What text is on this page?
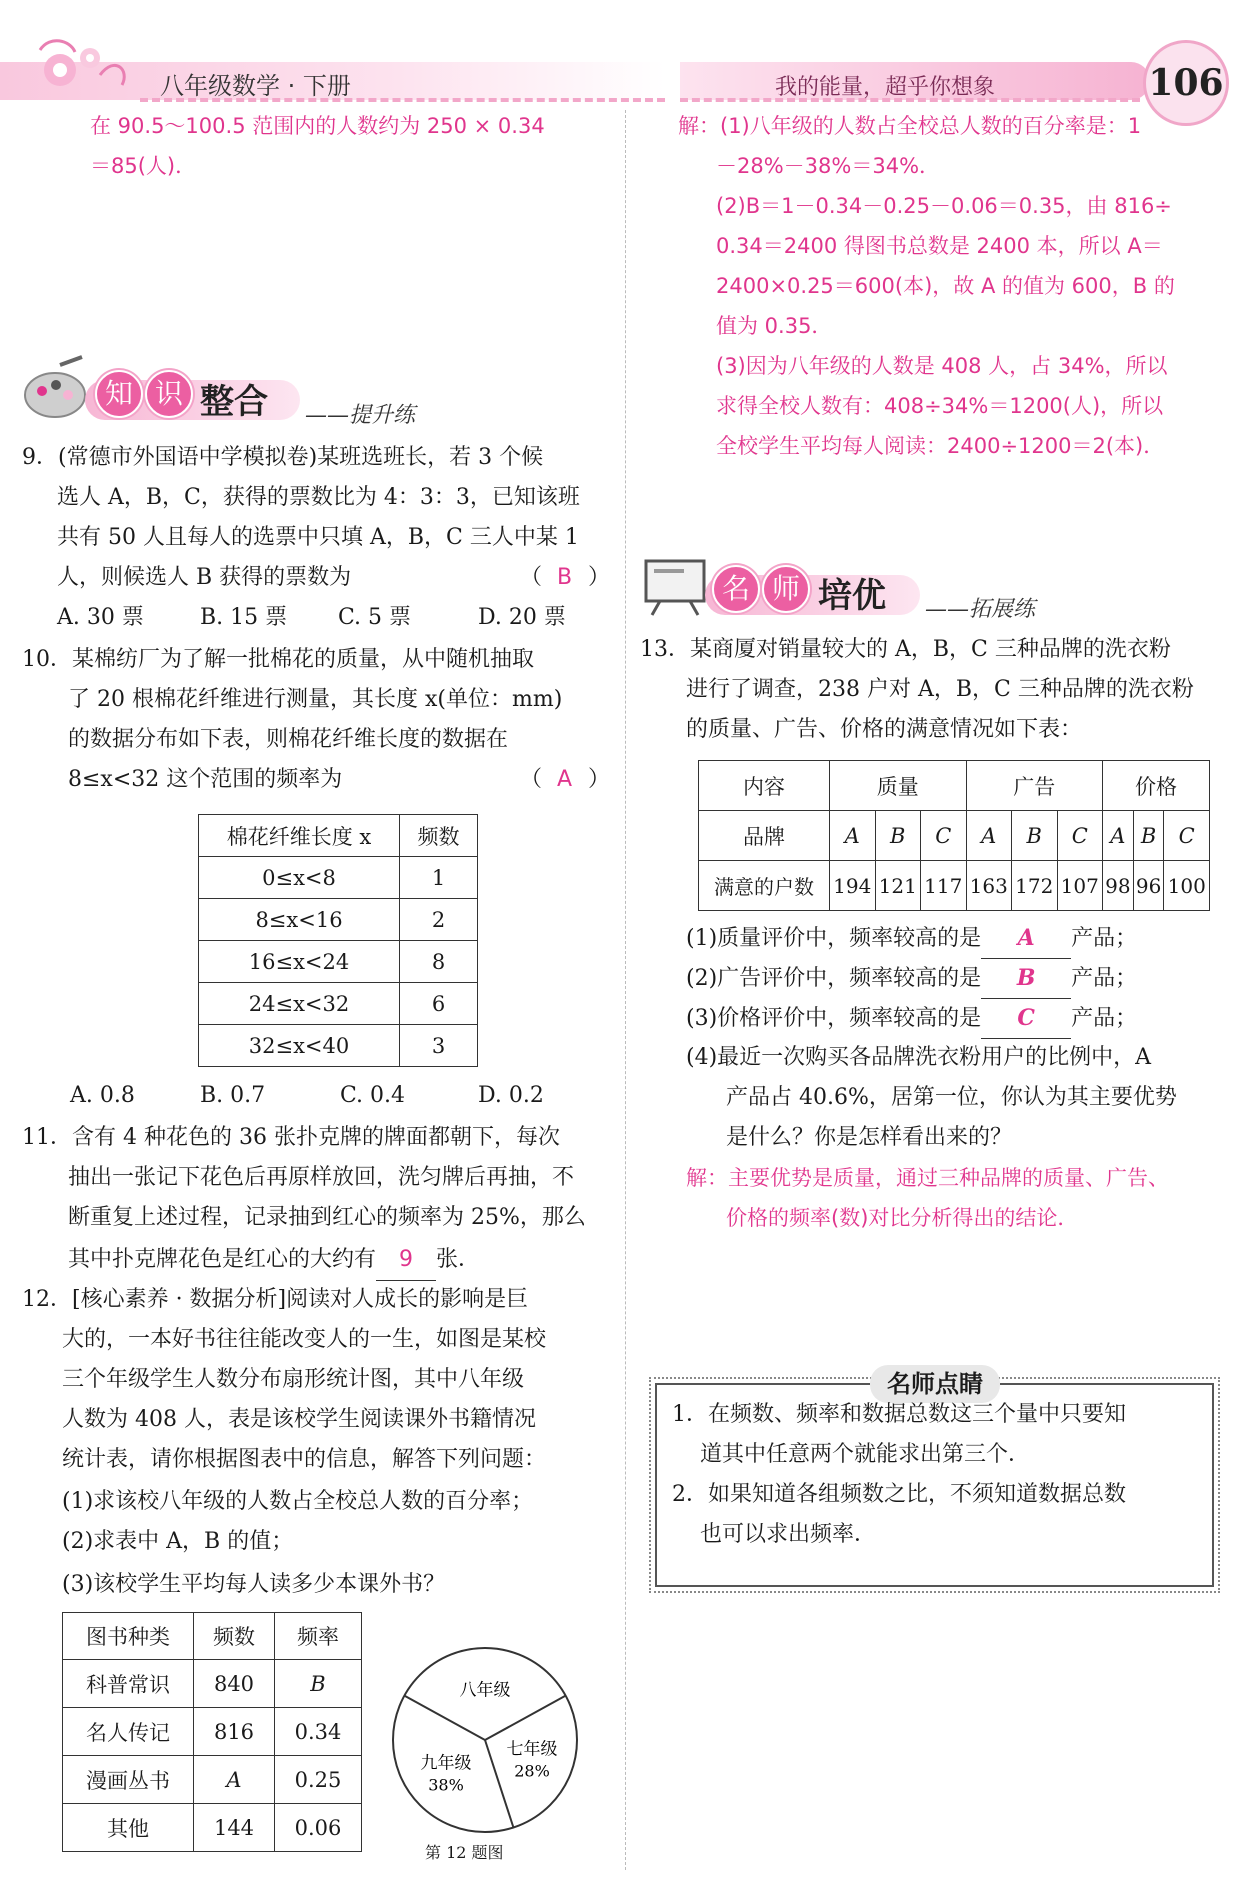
八年级数学 · 下册	我的能量，超乎你想象	106
在 90.5～100.5 范围内的人数约为 250 × 0.34
＝85(人)．
知 识 整合 ——提升练
9．(常德市外国语中学模拟卷)某班选班长，若 3 个候
选人 A，B，C，获得的票数比为 4：3：3，已知该班
共有 50 人且每人的选票中只填 A，B，C 三人中某 1
人，则候选人 B 获得的票数为	（ B ）
A. 30 票	B. 15 票 C. 5 票	D. 20 票
10．某棉纺厂为了解一批棉花的质量，从中随机抽取
了 20 根棉花纤维进行测量，其长度 x(单位：mm)
的数据分布如下表，则棉花纤维长度的数据在
8≤x<32 这个范围的频率为	（ A ）
棉花纤维长度 x	频数
0≤x<8	1
8≤x<16	2
16≤x<24	8
24≤x<32	6
32≤x<40	3
A. 0.8	B. 0.7	C. 0.4	D. 0.2
11．含有 4 种花色的 36 张扑克牌的牌面都朝下，每次
抽出一张记下花色后再原样放回，洗匀牌后再抽，不
断重复上述过程，记录抽到红心的频率为 25%，那么
其中扑克牌花色是红心的大约有 9 张．
12．[核心素养 · 数据分析]阅读对人成长的影响是巨
大的，一本好书往往能改变人的一生，如图是某校
三个年级学生人数分布扇形统计图，其中八年级
人数为 408 人，表是该校学生阅读课外书籍情况
统计表，请你根据图表中的信息，解答下列问题：
(1)求该校八年级的人数占全校总人数的百分率；
(2)求表中 A，B 的值；
(3)该校学生平均每人读多少本课外书？
图书种类	频数	频率
科普常识	840	B
名人传记	816	0.34
漫画丛书	A	0.25
其他	144	0.06
八年级
七年级
28%
九年级
38%
第 12 题图
解：(1)八年级的人数占全校总人数的百分率是：1
－28%－38%＝34%．
(2)B＝1－0.34－0.25－0.06＝0.35，由 816÷
0.34＝2400 得图书总数是 2400 本，所以 A＝
2400×0.25＝600(本)，故 A 的值为 600，B 的
值为 0.35．
(3)因为八年级的人数是 408 人，占 34%，所以
求得全校人数有：408÷34%＝1200(人)，所以
全校学生平均每人阅读：2400÷1200＝2(本)．
名 师 培优 ——拓展练
13．某商厦对销量较大的 A，B，C 三种品牌的洗衣粉
进行了调查，238 户对 A，B，C 三种品牌的洗衣粉
的质量、广告、价格的满意情况如下表：
内容	质量			广告			价格		
品牌	A	B	C	A	B	C	A	B	C
满意的户数	194	121	117	163	172	107	98	96	100
(1)质量评价中，频率较高的是 A 产品；
(2)广告评价中，频率较高的是 B 产品；
(3)价格评价中，频率较高的是 C 产品；
(4)最近一次购买各品牌洗衣粉用户的比例中，A
产品占 40.6%，居第一位，你认为其主要优势
是什么？你是怎样看出来的？
解：主要优势是质量，通过三种品牌的质量、广告、
价格的频率(数)对比分析得出的结论．
名师点睛
1．在频数、频率和数据总数这三个量中只要知
道其中任意两个就能求出第三个．
2．如果知道各组频数之比，不须知道数据总数
也可以求出频率．
